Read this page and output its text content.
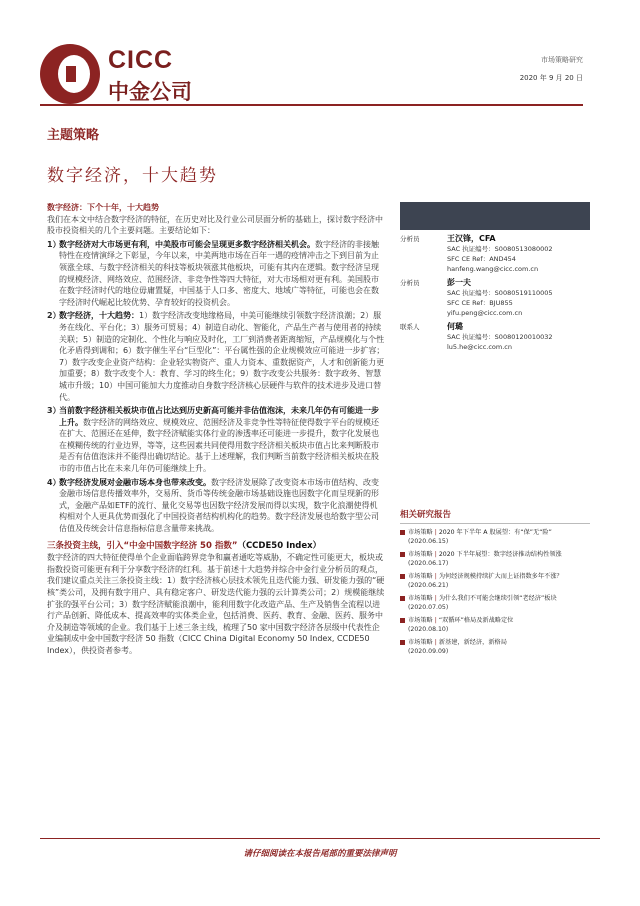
CICC
中金公司
市场策略研究
2020 年 9 月 20 日
主题策略
数字经济，十大趋势
数字经济：下个十年，十大趋势
我们在本文中结合数字经济的特征，在历史对比及行业公司层面分析的基础上，探讨数字经济中股市投资相关的几个主要问题。主要结论如下：
1）
数字经济对大市场更有利，中美股市可能会呈现更多数字经济相关机会。数字经济的非接触特性在疫情演绎之下彰显，今年以来，中美两地市场在百年一遇的疫情冲击之下到目前为止领涨全球、与数字经济相关的科技等板块领涨其他板块，可能有其内在逻辑。数字经济呈现的规模经济、网络效应、范围经济、非竞争性等四大特征，对大市场相对更有利。美国股市在数字经济时代的地位毋庸置疑，中国基于人口多、密度大、地域广等特征，可能也会在数字经济时代崛起比较优势、孕育较好的投资机会。
2）
数字经济，十大趋势：1）数字经济改变地缘格局，中美可能继续引领数字经济浪潮；2）服务在线化、平台化；3）服务可贸易；4）制造自动化、智能化，产品生产者与使用者的持续关联；5）制造的定制化、个性化与响应及时化，工厂到消费者距离缩短，产品规模化与个性化矛盾得到调和；6）数字催生平台“巨型化”：平台属性强的企业规模效应可能进一步扩容；7）数字改变企业资产结构：企业轻实物资产、重人力资本、重数据资产，人才和创新能力更加重要；8）数字改变个人：教育、学习的终生化；9）数字改变公共服务：数字政务、智慧城市升级；10）中国可能加大力度推动自身数字经济核心层硬件与软件的技术进步及进口替代。
3）
当前数字经济相关板块市值占比达到历史新高可能并非估值泡沫，未来几年仍有可能进一步上升。数字经济的网络效应、规模效应、范围经济及非竞争性等特征使得数字平台的规模还在扩大、范围还在延伸，数字经济赋能实体行业的渗透率还可能进一步提升，数字化发展也在模糊传统的行业边界，等等，这些因素共同使得用数字经济相关板块市值占比来判断股市是否有估值泡沫并不能得出确切结论。基于上述理解，我们判断当前数字经济相关板块在股市的市值占比在未来几年仍可能继续上升。
4）
数字经济发展对金融市场本身也带来改变。数字经济发展除了改变资本市场市值结构、改变金融市场信息传播效率外，交易所、货币等传统金融市场基础设施也因数字化而呈现新的形式，金融产品如ETF的流行、量化交易等也因数字经济发展而得以实现，数字化浪潮使得机构相对个人更具优势而强化了中国投资者结构机构化的趋势。数字经济发展也给数字型公司估值及传统会计信息指标信息含量带来挑战。
三条投资主线，引入“中金中国数字经济 50 指数”（CCDE50 Index）
数字经济的四大特征使得单个企业面临跨界竞争和赢者通吃等威胁，不确定性可能更大，板块或指数投资可能更有利于分享数字经济的红利。基于前述十大趋势并综合中金行业分析员的观点，我们建议重点关注三条投资主线：1）数字经济核心层技术领先且迭代能力强、研发能力强的“硬核”类公司，及拥有数字用户、具有稳定客户、研发迭代能力强的云计算类公司；2）规模能继续扩张的强平台公司；3）数字经济赋能浪潮中，能利用数字化改造产品、生产及销售全流程以进行产品创新、降低成本、提高效率的实体类企业，包括消费、医药、教育、金融、医药、服务中介及制造等领域的企业。我们基于上述三条主线，梳理了50 家中国数字经济各层级中代表性企业编制成中金中国数字经济 50 指数（CICC China Digital Economy 50 Index, CCDE50 Index），供投资者参考。
分析员	王汉锋，CFA
SAC 执证编号：S0080513080002
SFC CE Ref：AND454
hanfeng.wang@cicc.com.cn
分析员	彭一夫
SAC 执证编号：S0080519110005
SFC CE Ref：BJU855
yifu.peng@cicc.com.cn
联系人	何璐
SAC 执证编号：S0080120010032
lu5.he@cicc.com.cn
相关研究报告
市场策略 | 2020 年下半年 A 股展望：有“保”无“险”
(2020.06.15)
市场策略 | 2020 下半年展望：数字经济推动结构性领涨
(2020.06.17)
市场策略 | 为何经济规模持续扩大而上证指数多年不涨？
(2020.06.21)
市场策略 | 为什么我们不可能会继续引领“老经济”板块
(2020.07.05)
市场策略 | “双循环”格局及新战略定位
(2020.08.10)
市场策略 | 新基建，新经济，新格局
(2020.09.09)
请仔细阅读在本报告尾部的重要法律声明
